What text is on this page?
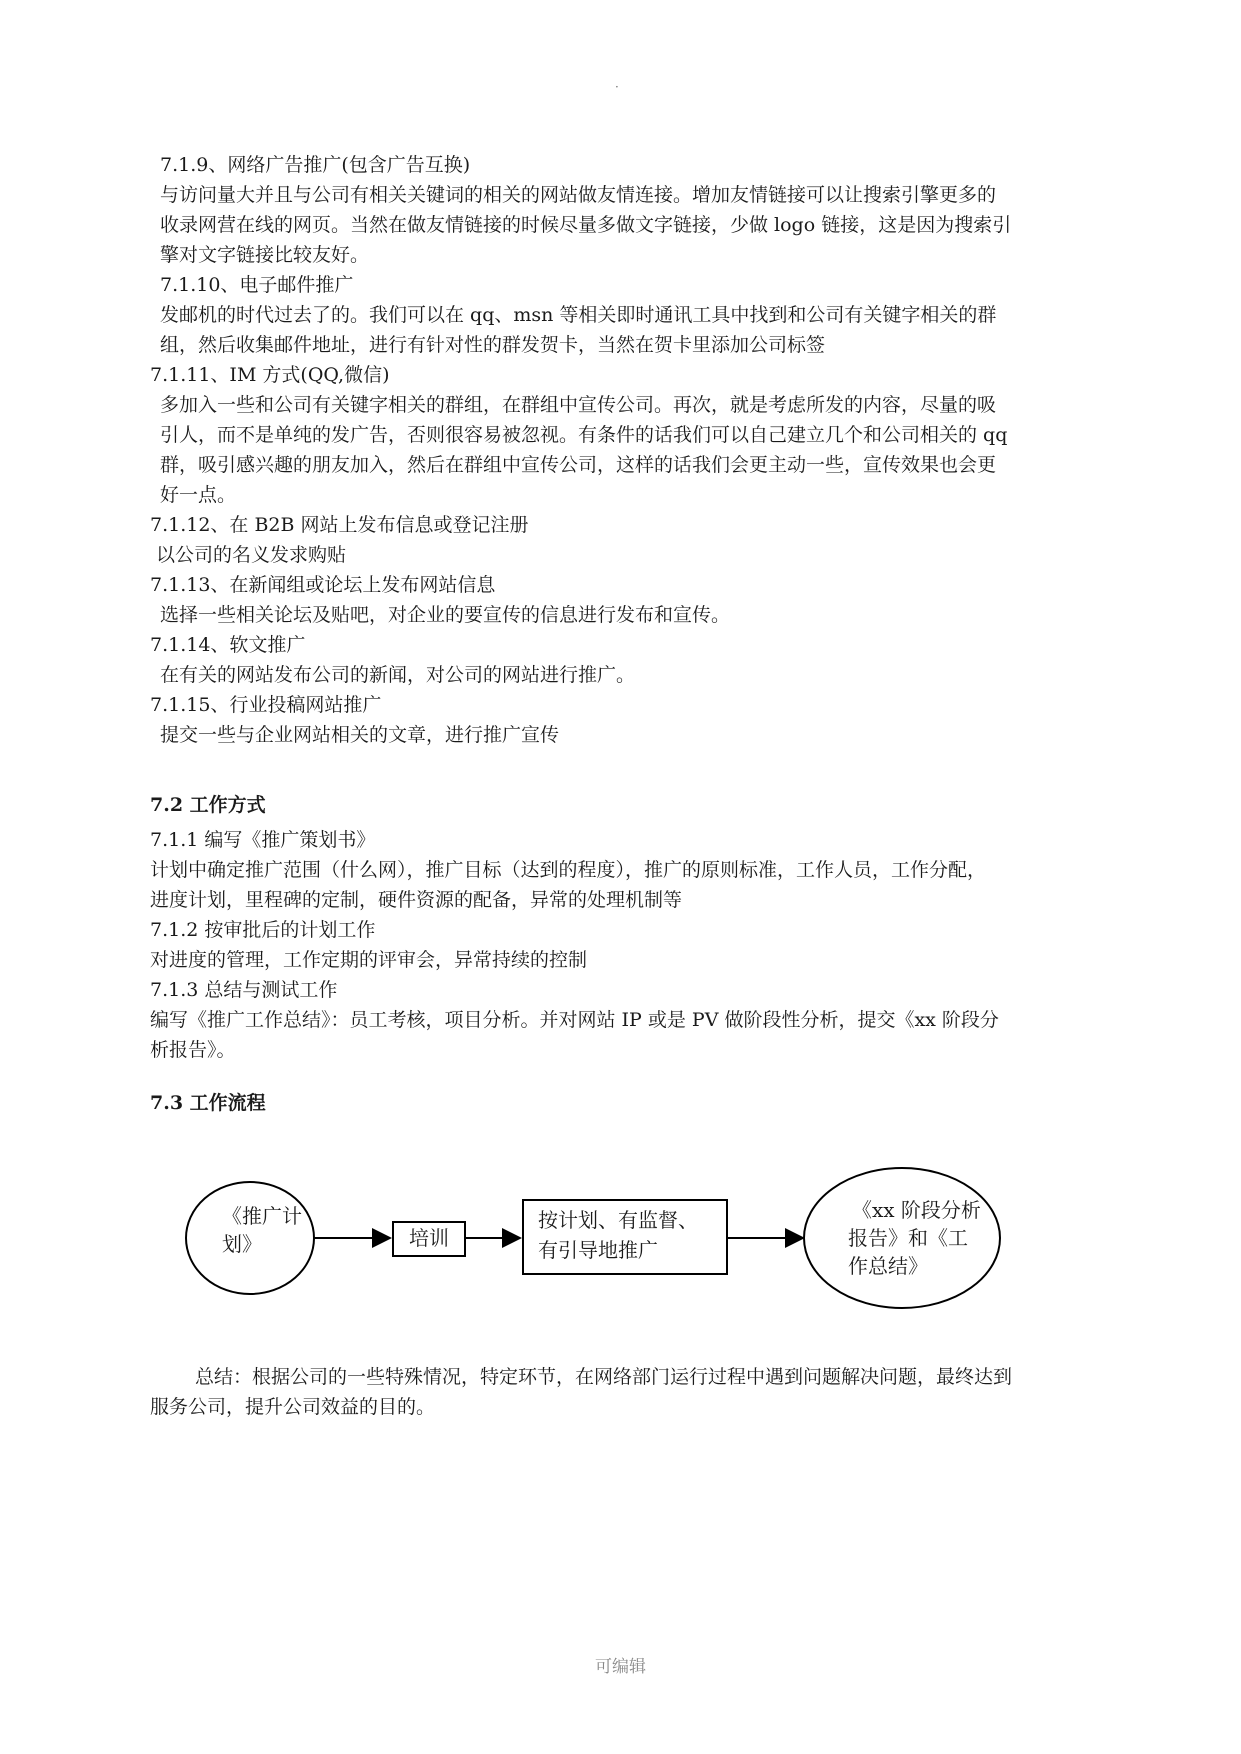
·
7.1.9、网络广告推广(包含广告互换)
与访问量大并且与公司有相关关键词的相关的网站做友情连接。增加友情链接可以让搜索引擎更多的
收录网营在线的网页。当然在做友情链接的时候尽量多做文字链接，少做 logo 链接，这是因为搜索引
擎对文字链接比较友好。
7.1.10、电子邮件推广
发邮机的时代过去了的。我们可以在 qq、msn 等相关即时通讯工具中找到和公司有关键字相关的群
组，然后收集邮件地址，进行有针对性的群发贺卡，当然在贺卡里添加公司标签
7.1.11、IM 方式(QQ,微信)
多加入一些和公司有关键字相关的群组，在群组中宣传公司。再次，就是考虑所发的内容，尽量的吸
引人，而不是单纯的发广告，否则很容易被忽视。有条件的话我们可以自己建立几个和公司相关的 qq
群，吸引感兴趣的朋友加入，然后在群组中宣传公司，这样的话我们会更主动一些，宣传效果也会更
好一点。
7.1.12、在 B2B 网站上发布信息或登记注册
以公司的名义发求购贴
7.1.13、在新闻组或论坛上发布网站信息
选择一些相关论坛及贴吧，对企业的要宣传的信息进行发布和宣传。
7.1.14、软文推广
在有关的网站发布公司的新闻，对公司的网站进行推广。
7.1.15、行业投稿网站推广
提交一些与企业网站相关的文章，进行推广宣传
7.2 工作方式
7.1.1 编写《推广策划书》
计划中确定推广范围（什么网），推广目标（达到的程度），推广的原则标准，工作人员，工作分配，
进度计划，里程碑的定制，硬件资源的配备，异常的处理机制等
7.1.2 按审批后的计划工作
对进度的管理，工作定期的评审会，异常持续的控制
7.1.3 总结与测试工作
编写《推广工作总结》：员工考核，项目分析。并对网站 IP 或是 PV 做阶段性分析，提交《xx 阶段分
析报告》。
7.3 工作流程
《推广计
划》	培训
按计划、有监督、
有引导地推广
《xx 阶段分析
报告》和《工
作总结》
总结：根据公司的一些特殊情况，特定环节，在网络部门运行过程中遇到问题解决问题，最终达到
服务公司，提升公司效益的目的。
可编辑
